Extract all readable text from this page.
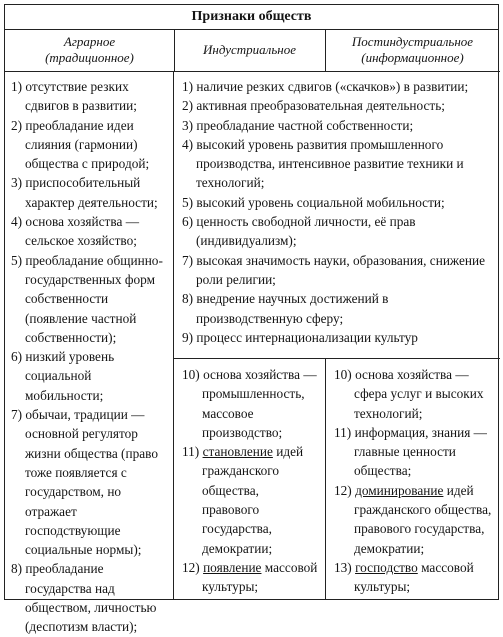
Признаки обществ
Аграрное
(традиционное)
Индустриальное
Постиндустриальное
(информационное)
1) отсутствие резких сдвигов в развитии;
2) преобладание идеи слияния (гармонии) общества с природой;
3) приспособительный характер деятельности;
4) основа хозяйства — сельское хозяйство;
5) преобладание общинно-государственных форм собственности (появление частной собственности);
6) низкий уровень социальной мобильности;
7) обычаи, традиции — основной регулятор жизни общества (право тоже появляется с государством, но отражает господствующие социальные нормы);
8) преобладание государства над обществом, личностью (деспотизм власти);
1) наличие резких сдвигов («скачков») в развитии;
2) активная преобразовательная деятельность;
3) преобладание частной собственности;
4) высокий уровень развития промышленного производства, интенсивное развитие техники и технологий;
5) высокий уровень социальной мобильности;
6) ценность свободной личности, её прав (индивидуализм);
7) высокая значимость науки, образования, снижение роли религии;
8) внедрение научных достижений в производственную сферу;
9) процесс интернационализации культур
10) основа хозяйства — промышленность, массовое производство;
11) становление идей гражданского общества, правового государства, демократии;
12) появление массовой культуры;
10) основа хозяйства — сфера услуг и высоких технологий;
11) информация, знания — главные ценности общества;
12) доминирование идей гражданского общества, правового государства, демократии;
13) господство массовой культуры;
